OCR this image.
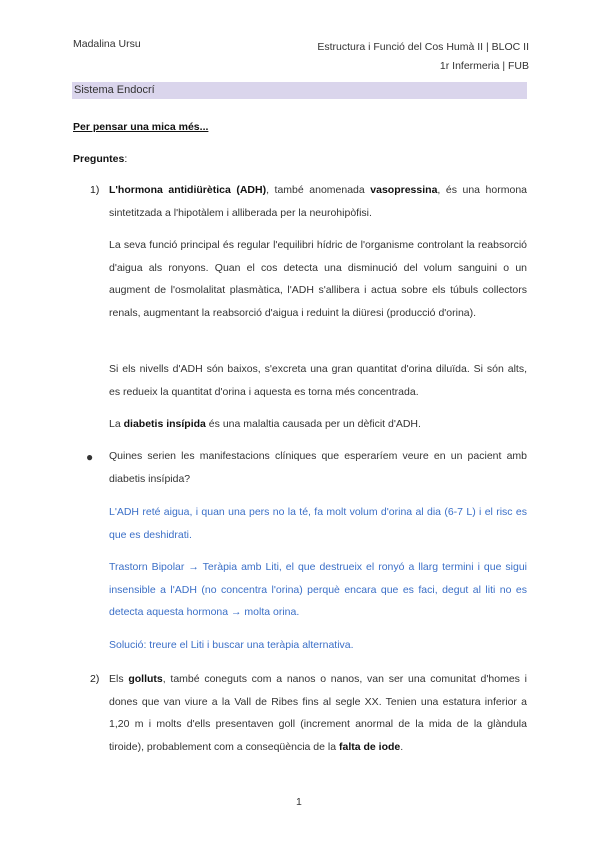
Madalina Ursu	Estructura i Funció del Cos Humà II | BLOC II
1r Infermeria | FUB
Sistema Endocrí
Per pensar una mica més...
Preguntes:
1) L'hormona antidiürètica (ADH), també anomenada vasopressina, és una hormona sintetitzada a l'hipotàlem i alliberada per la neurohipòfisi.

La seva funció principal és regular l'equilibri hídric de l'organisme controlant la reabsorció d'aigua als ronyons. Quan el cos detecta una disminució del volum sanguini o un augment de l'osmolalitat plasmàtica, l'ADH s'allibera i actua sobre els túbuls collectors renals, augmentant la reabsorció d'aigua i reduint la diüresi (producció d'orina).

Si els nivells d'ADH són baixos, s'excreta una gran quantitat d'orina diluïda. Si són alts, es redueix la quantitat d'orina i aquesta es torna més concentrada.

La diabetis insípida és una malaltia causada per un dèficit d'ADH.

● Quines serien les manifestacions clíniques que esperaríem veure en un pacient amb diabetis insípida?

L'ADH reté aigua, i quan una pers no la té, fa molt volum d'orina al dia (6-7 L) i el risc es que es deshidrati.

Trastorn Bipolar → Teràpia amb Liti, el que destrueix el ronyó a llarg termini i que sigui insensible a l'ADH (no concentra l'orina) perquè encara que es faci, degut al liti no es detecta aquesta hormona → molta orina.

Solució: treure el Liti i buscar una teràpia alternativa.

2) Els golluts, també coneguts com a nanos o nanos, van ser una comunitat d'homes i dones que van viure a la Vall de Ribes fins al segle XX. Tenien una estatura inferior a 1,20 m i molts d'ells presentaven goll (increment anormal de la mida de la glàndula tiroide), probablement com a conseqüència de la falta de iode.

1
